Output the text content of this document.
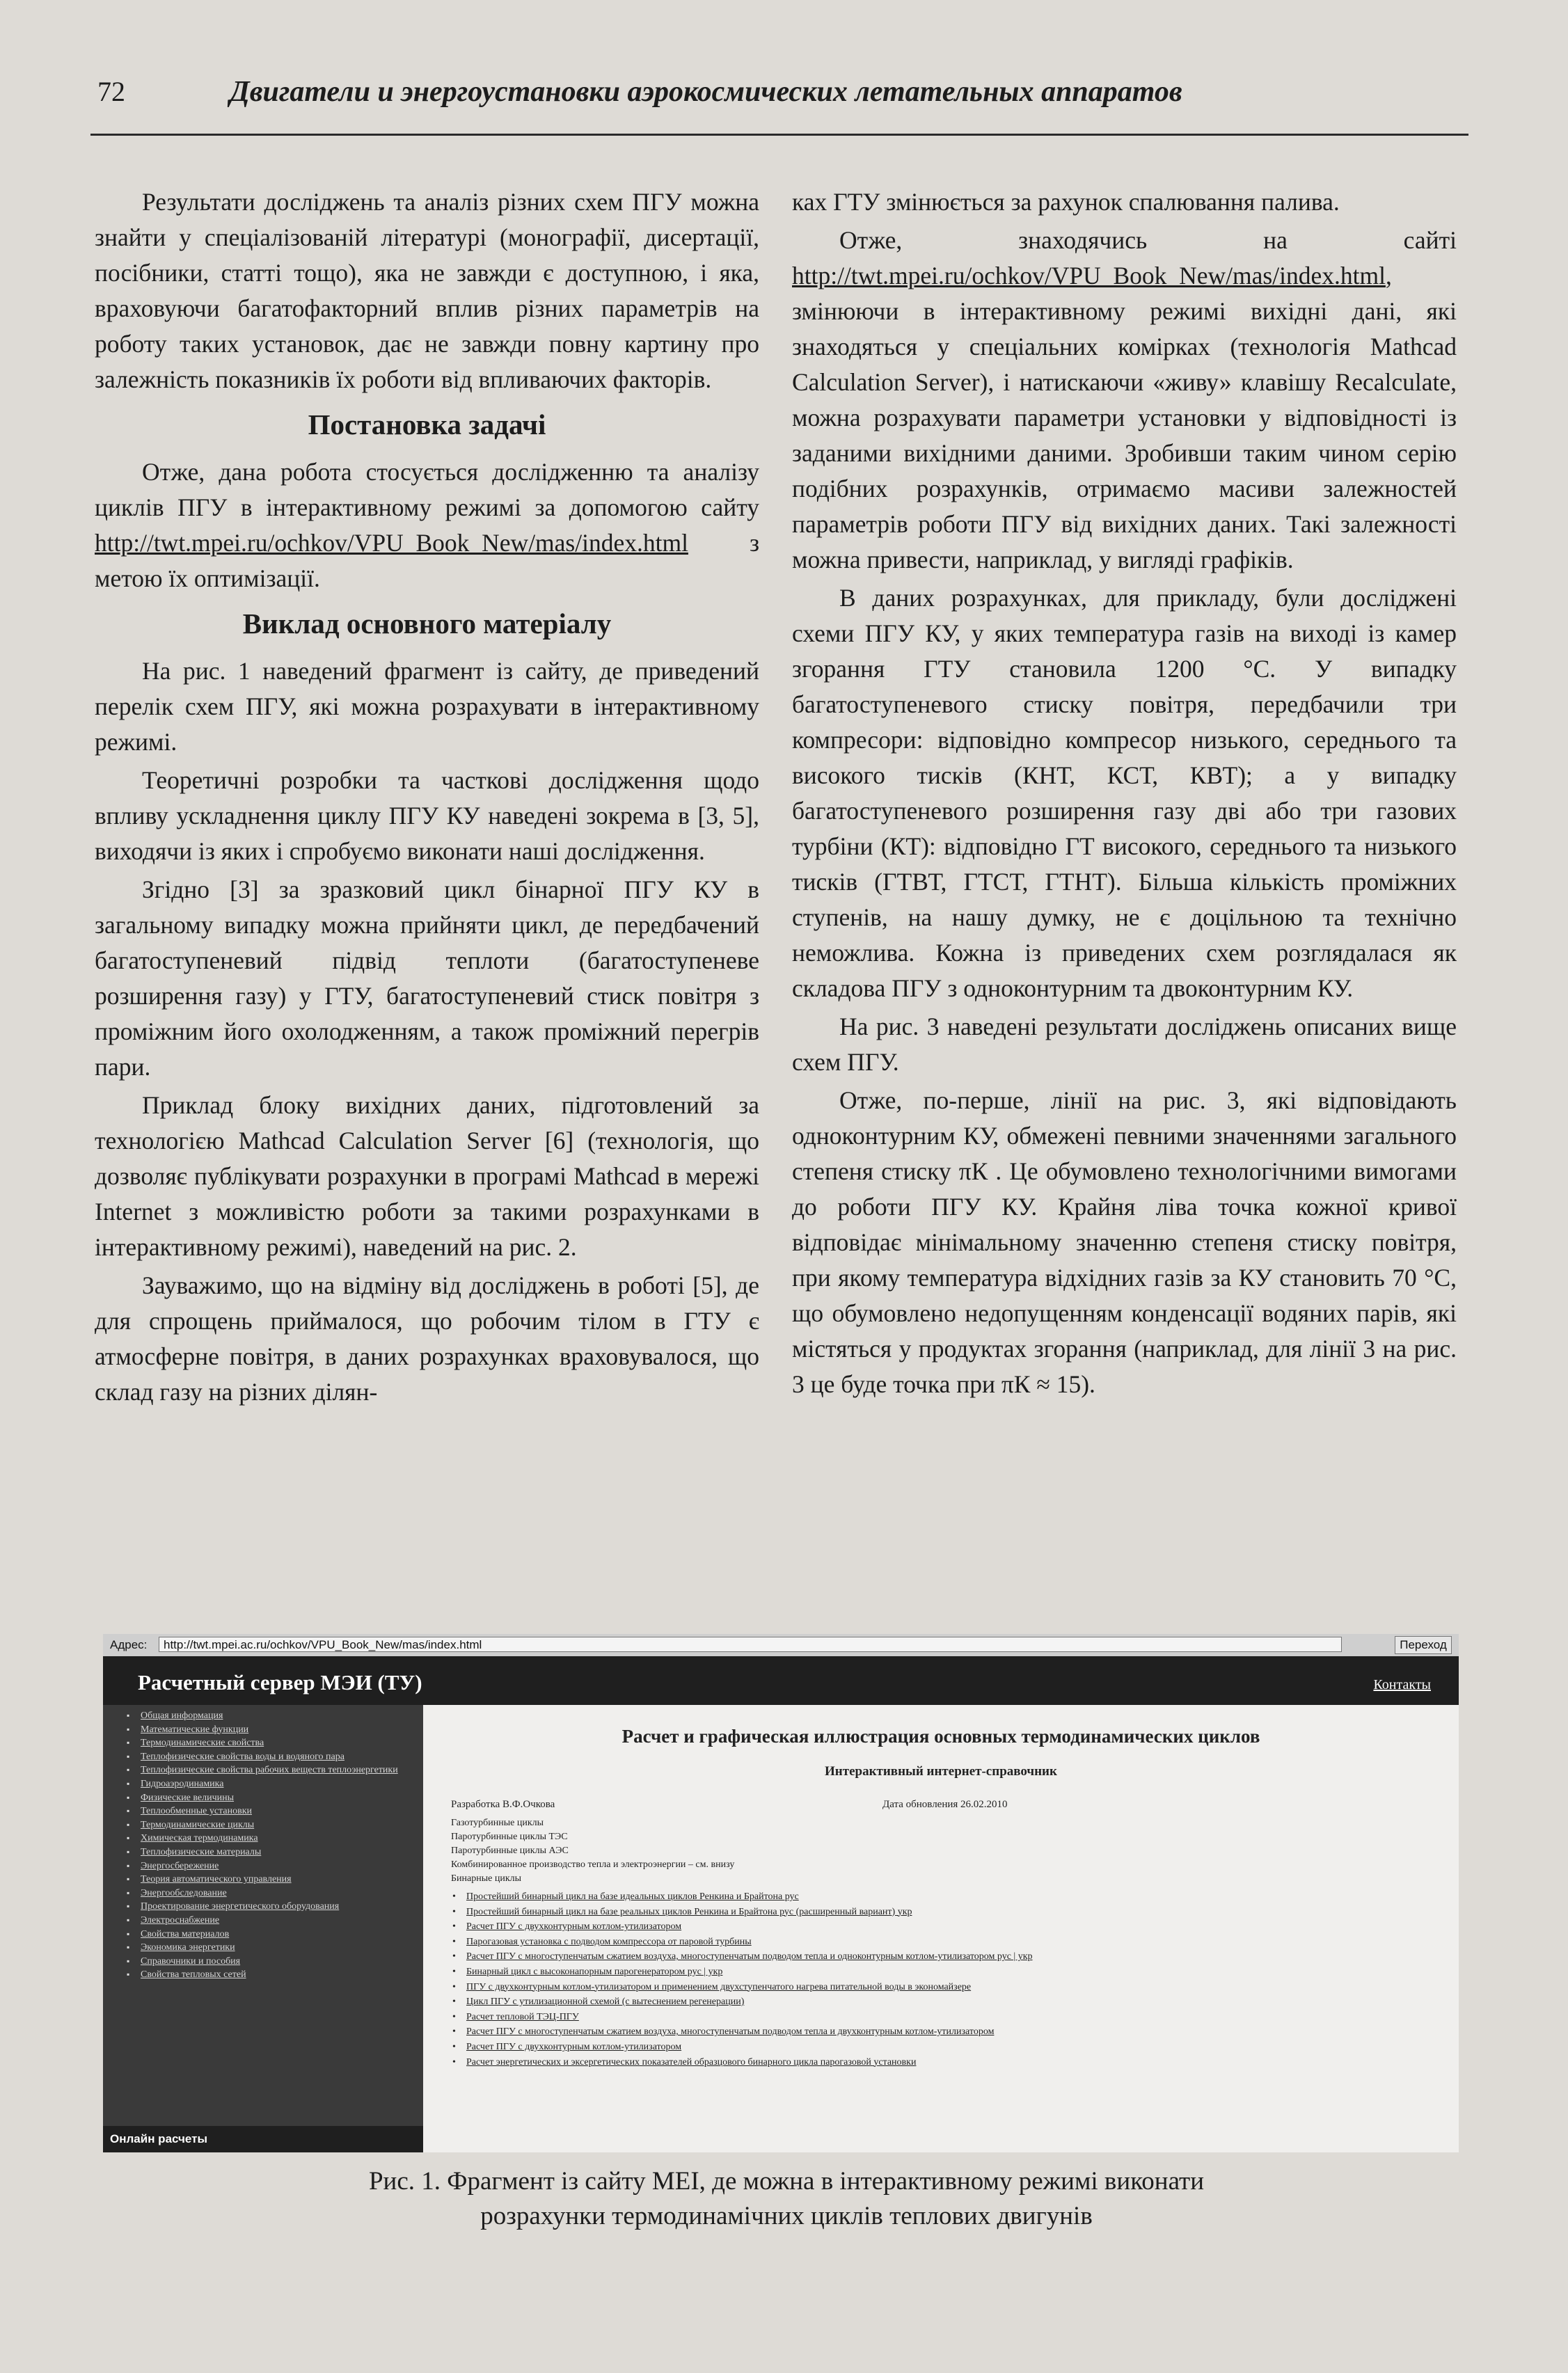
72	Двигатели и энергоустановки аэрокосмических летательных аппаратов

Результати досліджень та аналіз різних схем ПГУ можна знайти у спеціалізованій літературі (монографії, дисертації, посібники, статті тощо), яка не завжди є доступною, і яка, враховуючи багатофакторний вплив різних параметрів на роботу таких установок, дає не завжди повну картину про залежність показників їх роботи від впливаючих факторів.

Постановка задачі

Отже, дана робота стосується дослідженню та аналізу циклів ПГУ в інтерактивному режимі за допомогою сайту http://twt.mpei.ru/ochkov/VPU_Book_New/mas/index.html з метою їх оптимізації.

Виклад основного матеріалу

На рис. 1 наведений фрагмент із сайту, де приведений перелік схем ПГУ, які можна розрахувати в інтерактивному режимі.

Теоретичні розробки та часткові дослідження щодо впливу ускладнення циклу ПГУ КУ наведені зокрема в [3, 5], виходячи із яких і спробуємо виконати наші дослідження.

Згідно [3] за зразковий цикл бінарної ПГУ КУ в загальному випадку можна прийняти цикл, де передбачений багатоступеневий підвід теплоти (багатоступеневе розширення газу) у ГТУ, багатоступеневий стиск повітря з проміжним його охолодженням, а також проміжний перегрів пари.

Приклад блоку вихідних даних, підготовлений за технологією Mathcad Calculation Server [6] (технологія, що дозволяє публікувати розрахунки в програмі Mathcad в мережі Internet з можливістю роботи за такими розрахунками в інтерактивному режимі), наведений на рис. 2.

Зауважимо, що на відміну від досліджень в роботі [5], де для спрощень приймалося, що робочим тілом в ГТУ є атмосферне повітря, в даних розрахунках враховувалося, що склад газу на різних ділян-

ках ГТУ змінюється за рахунок спалювання палива.

Отже, знаходячись на сайті http://twt.mpei.ru/ochkov/VPU_Book_New/mas/index.html, змінюючи в інтерактивному режимі вихідні дані, які знаходяться у спеціальних комірках (технологія Mathcad Calculation Server), і натискаючи «живу» клавішу Recalculate, можна розрахувати параметри установки у відповідності із заданими вихідними даними. Зробивши таким чином серію подібних розрахунків, отримаємо масиви залежностей параметрів роботи ПГУ від вихідних даних. Такі залежності можна привести, наприклад, у вигляді графіків.

В даних розрахунках, для прикладу, були досліджені схеми ПГУ КУ, у яких температура газів на виході із камер згорання ГТУ становила 1200 °С. У випадку багатоступеневого стиску повітря, передбачили три компресори: відповідно компресор низького, середнього та високого тисків (КНТ, КСТ, КВТ); а у випадку багатоступеневого розширення газу дві або три газових турбіни (КТ): відповідно ГТ високого, середнього та низького тисків (ГТВТ, ГТСТ, ГТНТ). Більша кількість проміжних ступенів, на нашу думку, не є доцільною та технічно неможлива. Кожна із приведених схем розглядалася як складова ПГУ з одноконтурним та двоконтурним КУ.

На рис. 3 наведені результати досліджень описаних вище схем ПГУ.

Отже, по-перше, лінії на рис. 3, які відповідають одноконтурним КУ, обмежені певними значеннями загального степеня стиску πК . Це обумовлено технологічними вимогами до роботи ПГУ КУ. Крайня ліва точка кожної кривої відповідає мінімальному значенню степеня стиску повітря, при якому температура відхідних газів за КУ становить 70 °С, що обумовлено недопущенням конденсації водяних парів, які містяться у продуктах згорання (наприклад, для лінії 3 на рис. 3 це буде точка при πК ≈ 15).

Адрес:	http://twt.mpei.ac.ru/ochkov/VPU_Book_New/mas/index.html	Переход
Расчетный сервер МЭИ (ТУ)	Контакты
▪ Общая информация
▪ Математические функции
▪ Термодинамические свойства
▪ Теплофизические свойства воды и водяного пара
▪ Теплофизические свойства рабочих веществ теплоэнергетики
▪ Гидроаэродинамика
▪ Физические величины
▪ Теплообменные установки
▪ Термодинамические циклы
▪ Химическая термодинамика
▪ Теплофизические материалы
▪ Энергосбережение
▪ Теория автоматического управления
▪ Энергообследование
▪ Проектирование энергетического оборудования
▪ Электроснабжение
▪ Свойства материалов
▪ Экономика энергетики
▪ Справочники и пособия
▪ Свойства тепловых сетей
Онлайн расчеты
Расчет и графическая иллюстрация основных термодинамических циклов
Интерактивный интернет-справочник
Разработка В.Ф.Очкова	Дата обновления 26.02.2010
Газотурбинные циклы
Паротурбинные циклы ТЭС
Паротурбинные циклы АЭС
Комбинированное производство тепла и электроэнергии – см. внизу
Бинарные циклы
• Простейший бинарный цикл на базе идеальных циклов Ренкина и Брайтона рус
• Простейший бинарный цикл на базе реальных циклов Ренкина и Брайтона рус (расширенный вариант) укр
• Расчет ПГУ с двухконтурным котлом-утилизатором
• Парогазовая установка с подводом компрессора от паровой турбины
• Расчет ПГУ с многоступенчатым сжатием воздуха, многоступенчатым подводом тепла и одноконтурным котлом-утилизатором рус | укр
• Бинарный цикл с высоконапорным парогенератором рус | укр
• ПГУ с двухконтурным котлом-утилизатором и применением двухступенчатого нагрева питательной воды в экономайзере
• Цикл ПГУ с утилизационной схемой (с вытеснением регенерации)
• Расчет тепловой ТЭЦ-ПГУ
• Расчет ПГУ с многоступенчатым сжатием воздуха, многоступенчатым подводом тепла и двухконтурным котлом-утилизатором
• Расчет ПГУ с двухконтурным котлом-утилизатором
• Расчет энергетических и эксергетических показателей образцового бинарного цикла парогазовой установки
Рис. 1. Фрагмент із сайту МЕІ, де можна в інтерактивному режимі виконати
розрахунки термодинамічних циклів теплових двигунів
